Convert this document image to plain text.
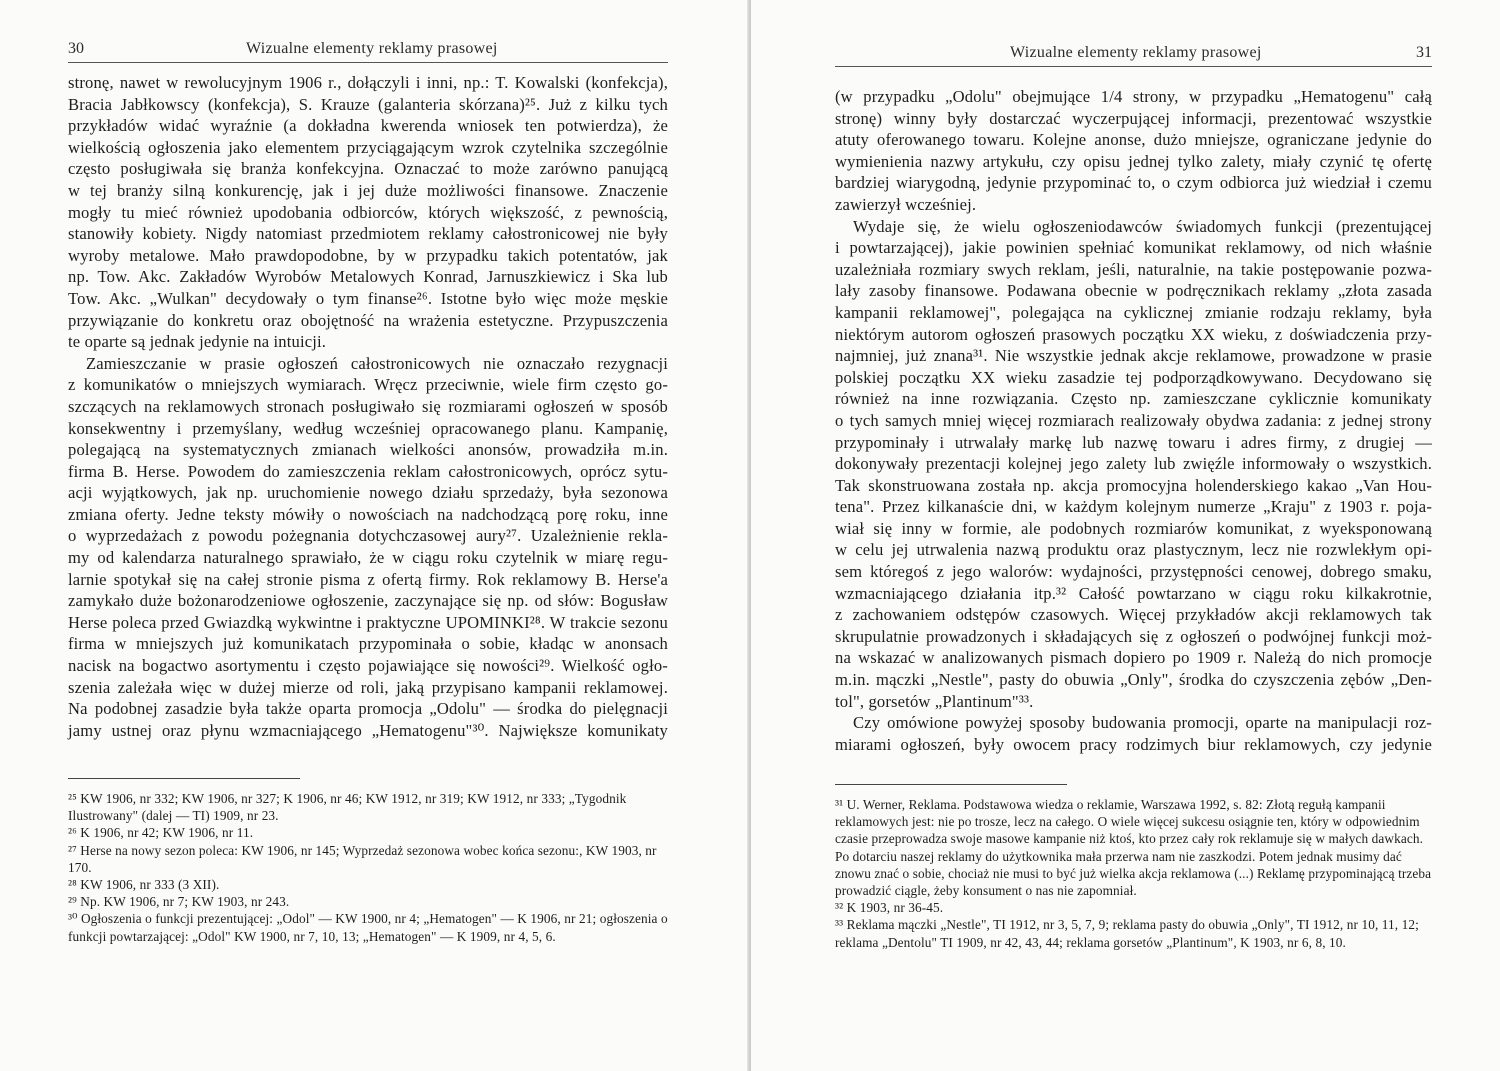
30	Wizualne elementy reklamy prasowej
stronę, nawet w rewolucyjnym 1906 r., dołączyli i inni, np.: T. Kowalski (konfekcja),
Bracia Jabłkowscy (konfekcja), S. Krauze (galanteria skórzana)²⁵. Już z kilku tych
przykładów widać wyraźnie (a dokładna kwerenda wniosek ten potwierdza), że
wielkością ogłoszenia jako elementem przyciągającym wzrok czytelnika szczególnie
często posługiwała się branża konfekcyjna. Oznaczać to może zarówno panującą
w tej branży silną konkurencję, jak i jej duże możliwości finansowe. Znaczenie
mogły tu mieć również upodobania odbiorców, których większość, z pewnością,
stanowiły kobiety. Nigdy natomiast przedmiotem reklamy całostronicowej nie były
wyroby metalowe. Mało prawdopodobne, by w przypadku takich potentatów, jak
np. Tow. Akc. Zakładów Wyrobów Metalowych Konrad, Jarnuszkiewicz i Ska lub
Tow. Akc. „Wulkan" decydowały o tym finanse²⁶. Istotne było więc może męskie
przywiązanie do konkretu oraz obojętność na wrażenia estetyczne. Przypuszczenia
te oparte są jednak jedynie na intuicji.
Zamieszczanie w prasie ogłoszeń całostronicowych nie oznaczało rezygnacji
z komunikatów o mniejszych wymiarach. Wręcz przeciwnie, wiele firm często go-
szczących na reklamowych stronach posługiwało się rozmiarami ogłoszeń w sposób
konsekwentny i przemyślany, według wcześniej opracowanego planu. Kampanię,
polegającą na systematycznych zmianach wielkości anonsów, prowadziła m.in.
firma B. Herse. Powodem do zamieszczenia reklam całostronicowych, oprócz sytu-
acji wyjątkowych, jak np. uruchomienie nowego działu sprzedaży, była sezonowa
zmiana oferty. Jedne teksty mówiły o nowościach na nadchodzącą porę roku, inne
o wyprzedażach z powodu pożegnania dotychczasowej aury²⁷. Uzależnienie rekla-
my od kalendarza naturalnego sprawiało, że w ciągu roku czytelnik w miarę regu-
larnie spotykał się na całej stronie pisma z ofertą firmy. Rok reklamowy B. Herse'a
zamykało duże bożonarodzeniowe ogłoszenie, zaczynające się np. od słów: Bogusław
Herse poleca przed Gwiazdką wykwintne i praktyczne UPOMINKI²⁸. W trakcie sezonu
firma w mniejszych już komunikatach przypominała o sobie, kładąc w anonsach
nacisk na bogactwo asortymentu i często pojawiające się nowości²⁹. Wielkość ogło-
szenia zależała więc w dużej mierze od roli, jaką przypisano kampanii reklamowej.
Na podobnej zasadzie była także oparta promocja „Odolu" — środka do pielęgnacji
jamy ustnej oraz płynu wzmacniającego „Hematogenu"³⁰. Największe komunikaty
²⁵ KW 1906, nr 332; KW 1906, nr 327; K 1906, nr 46; KW 1912, nr 319; KW 1912, nr 333; „Tygodnik Ilustrowany" (dalej — TI) 1909, nr 23.
²⁶ K 1906, nr 42; KW 1906, nr 11.
²⁷ Herse na nowy sezon poleca: KW 1906, nr 145; Wyprzedaż sezonowa wobec końca sezonu:, KW 1903, nr 170.
²⁸ KW 1906, nr 333 (3 XII).
²⁹ Np. KW 1906, nr 7; KW 1903, nr 243.
³⁰ Ogłoszenia o funkcji prezentującej: „Odol" — KW 1900, nr 4; „Hematogen" — K 1906, nr 21; ogłoszenia o funkcji powtarzającej: „Odol" KW 1900, nr 7, 10, 13; „Hematogen" — K 1909, nr 4, 5, 6.
Wizualne elementy reklamy prasowej	31
(w przypadku „Odolu" obejmujące 1/4 strony, w przypadku „Hematogenu" całą
stronę) winny były dostarczać wyczerpującej informacji, prezentować wszystkie
atuty oferowanego towaru. Kolejne anonse, dużo mniejsze, ograniczane jedynie do
wymienienia nazwy artykułu, czy opisu jednej tylko zalety, miały czynić tę ofertę
bardziej wiarygodną, jedynie przypominać to, o czym odbiorca już wiedział i czemu
zawierzył wcześniej.
Wydaje się, że wielu ogłoszeniodawców świadomych funkcji (prezentującej
i powtarzającej), jakie powinien spełniać komunikat reklamowy, od nich właśnie
uzależniała rozmiary swych reklam, jeśli, naturalnie, na takie postępowanie pozwa-
lały zasoby finansowe. Podawana obecnie w podręcznikach reklamy „złota zasada
kampanii reklamowej", polegająca na cyklicznej zmianie rodzaju reklamy, była
niektórym autorom ogłoszeń prasowych początku XX wieku, z doświadczenia przy-
najmniej, już znana³¹. Nie wszystkie jednak akcje reklamowe, prowadzone w prasie
polskiej początku XX wieku zasadzie tej podporządkowywano. Decydowano się
również na inne rozwiązania. Często np. zamieszczane cyklicznie komunikaty
o tych samych mniej więcej rozmiarach realizowały obydwa zadania: z jednej strony
przypominały i utrwalały markę lub nazwę towaru i adres firmy, z drugiej —
dokonywały prezentacji kolejnej jego zalety lub zwięźle informowały o wszystkich.
Tak skonstruowana została np. akcja promocyjna holenderskiego kakao „Van Hou-
tena". Przez kilkanaście dni, w każdym kolejnym numerze „Kraju" z 1903 r. poja-
wiał się inny w formie, ale podobnych rozmiarów komunikat, z wyeksponowaną
w celu jej utrwalenia nazwą produktu oraz plastycznym, lecz nie rozwlekłym opi-
sem któregoś z jego walorów: wydajności, przystępności cenowej, dobrego smaku,
wzmacniającego działania itp.³² Całość powtarzano w ciągu roku kilkakrotnie,
z zachowaniem odstępów czasowych. Więcej przykładów akcji reklamowych tak
skrupulatnie prowadzonych i składających się z ogłoszeń o podwójnej funkcji moż-
na wskazać w analizowanych pismach dopiero po 1909 r. Należą do nich promocje
m.in. mączki „Nestle", pasty do obuwia „Only", środka do czyszczenia zębów „Den-
tol", gorsetów „Plantinum"³³.
Czy omówione powyżej sposoby budowania promocji, oparte na manipulacji roz-
miarami ogłoszeń, były owocem pracy rodzimych biur reklamowych, czy jedynie
³¹ U. Werner, Reklama. Podstawowa wiedza o reklamie, Warszawa 1992, s. 82: Złotą regułą kampanii reklamowych jest: nie po trosze, lecz na całego. O wiele więcej sukcesu osiągnie ten, który w odpowiednim czasie przeprowadza swoje masowe kampanie niż ktoś, kto przez cały rok reklamuje się w małych dawkach. Po dotarciu naszej reklamy do użytkownika mała przerwa nam nie zaszkodzi. Potem jednak musimy dać znowu znać o sobie, chociaż nie musi to być już wielka akcja reklamowa (...) Reklamę przypominającą trzeba prowadzić ciągle, żeby konsument o nas nie zapomniał.
³² K 1903, nr 36-45.
³³ Reklama mączki „Nestle", TI 1912, nr 3, 5, 7, 9; reklama pasty do obuwia „Only", TI 1912, nr 10, 11, 12; reklama „Dentolu" TI 1909, nr 42, 43, 44; reklama gorsetów „Plantinum", K 1903, nr 6, 8, 10.
